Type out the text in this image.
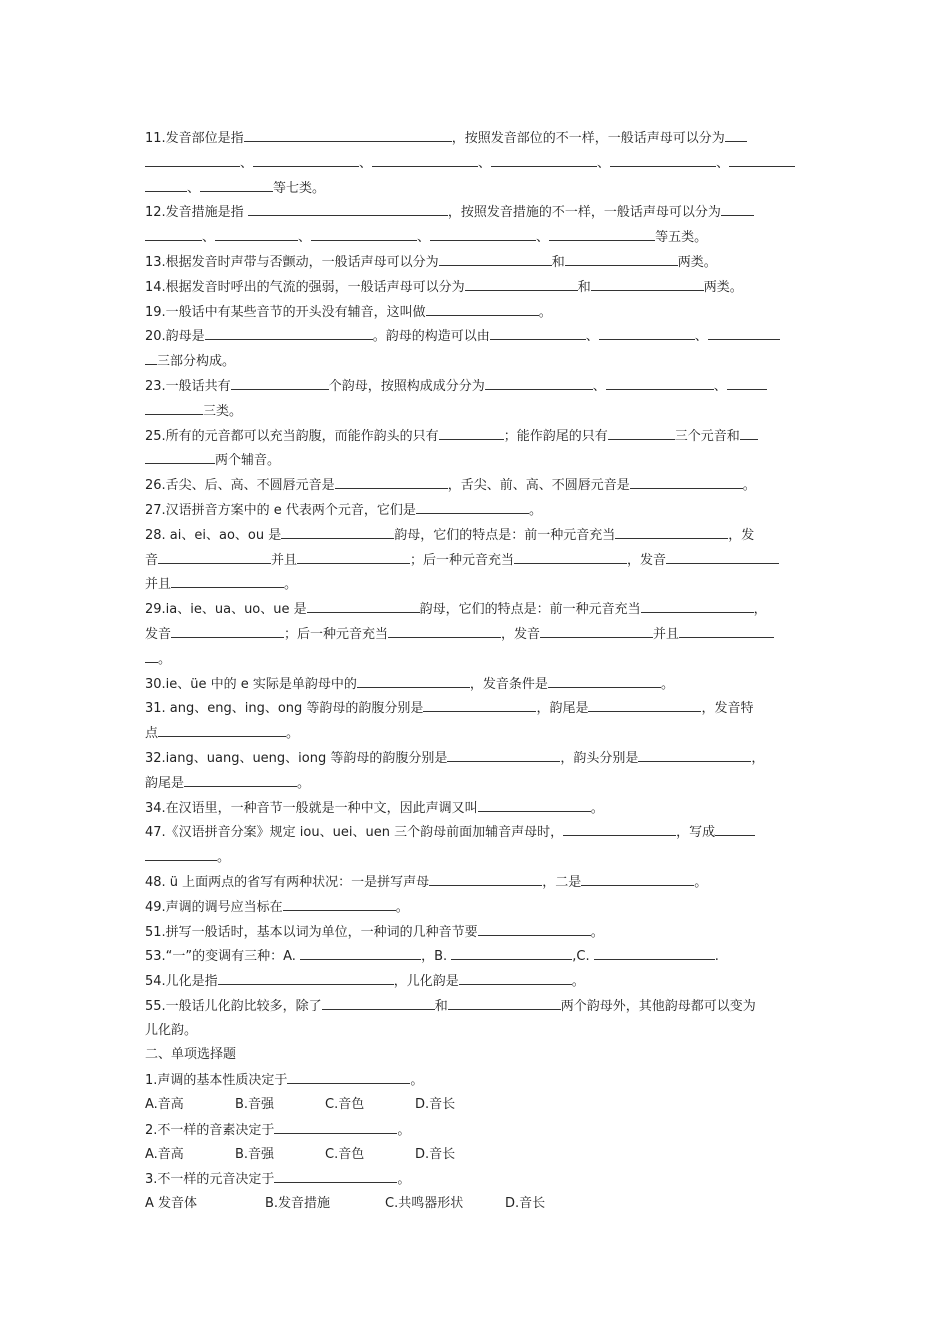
11.发音部位是指	，按照发音部位的不一样，一般话声母可以分为
、	、	、	、	、
、	等七类。
12.发音措施是指	，按照发音措施的不一样，一般话声母可以分为
、	、	、	、	等五类。
13.根据发音时声带与否颤动，一般话声母可以分为	和	两类。
14.根据发音时呼出的气流的强弱，一般话声母可以分为	和	两类。
19.一般话中有某些音节的开头没有辅音，这叫做	。
20.韵母是	。韵母的构造可以由	、	、
三部分构成。
23.一般话共有	个韵母，按照构成成分分为	、	、
三类。
25.所有的元音都可以充当韵腹，而能作韵头的只有	；能作韵尾的只有	三个元音和
两个辅音。
26.舌尖、后、高、不圆唇元音是	，舌尖、前、高、不圆唇元音是	。
27.汉语拼音方案中的 e 代表两个元音，它们是	。
28. ai、ei、ao、ou 是	韵母，它们的特点是：前一种元音充当	，发
音	并且	；后一种元音充当	，发音
并且	。
29.ia、ie、ua、uo、ue 是	韵母，它们的特点是：前一种元音充当	，
发音	；后一种元音充当	，发音	并且
。
30.ie、üe 中的 e 实际是单韵母中的	，发音条件是	。
31. ang、eng、ing、ong 等韵母的韵腹分别是	，韵尾是	，发音特
点	。
32.iang、uang、ueng、iong 等韵母的韵腹分别是	，韵头分别是	，
韵尾是	。
34.在汉语里，一种音节一般就是一种中文，因此声调又叫	。
47.《汉语拼音分案》规定 iou、uei、uen 三个韵母前面加辅音声母时，	，写成
。
48. ü 上面两点的省写有两种状况：一是拼写声母	，二是	。
49.声调的调号应当标在	。
51.拼写一般话时，基本以词为单位，一种词的几种音节要	。
53.“一”的变调有三种：A.	，B.	,C.	.
54.儿化是指	，儿化韵是	。
55.一般话儿化韵比较多，除了	和	两个韵母外，其他韵母都可以变为
儿化韵。
二、单项选择题
1.声调的基本性质决定于	。
A.音高	B.音强	C.音色	D.音长
2.不一样的音素决定于	。
A.音高	B.音强	C.音色	D.音长
3.不一样的元音决定于	。
A 发音体	B.发音措施	C.共鸣器形状	D.音长
